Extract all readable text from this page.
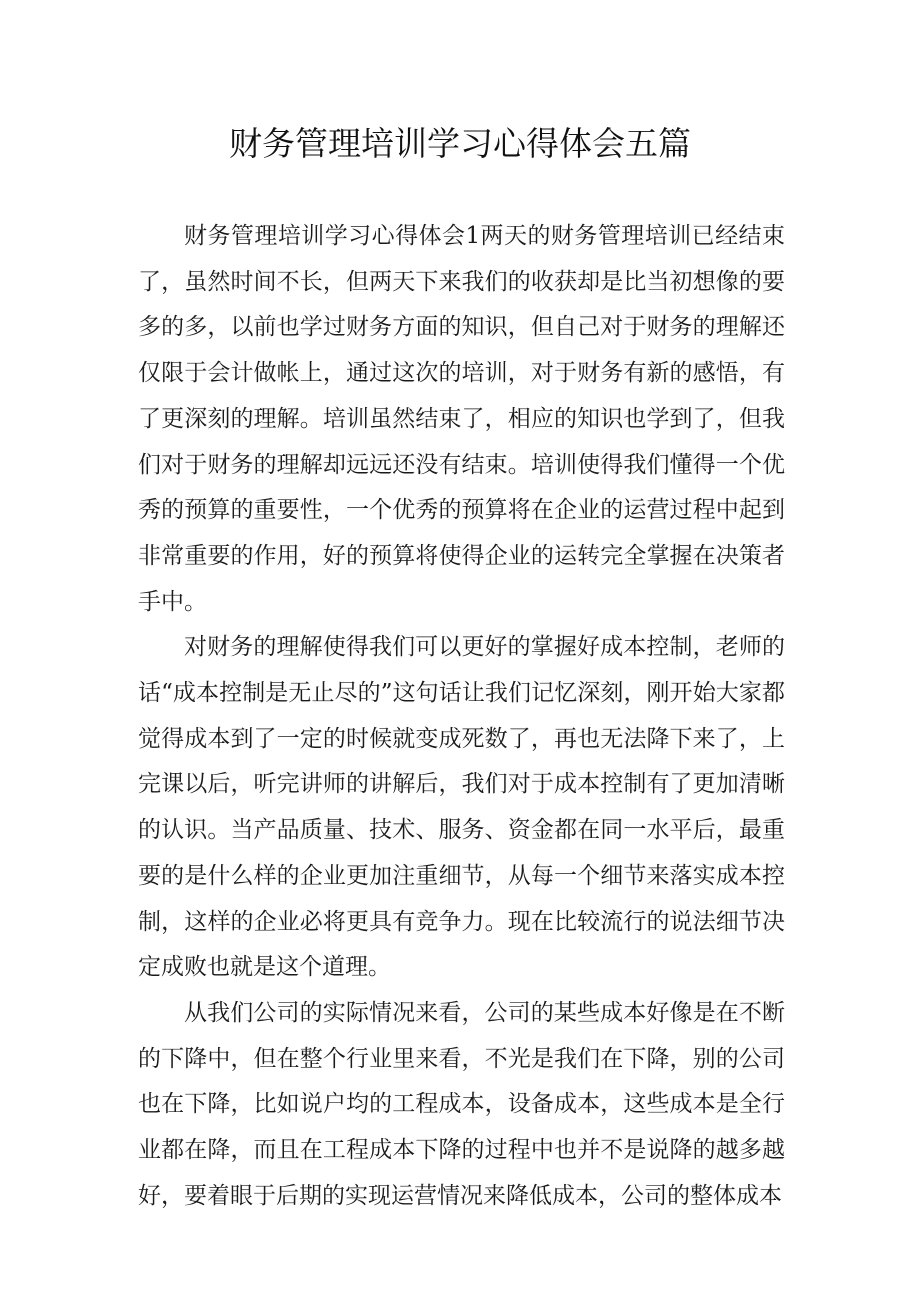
财务管理培训学习心得体会五篇

财务管理培训学习心得体会1两天的财务管理培训已经结束了，虽然时间不长，但两天下来我们的收获却是比当初想像的要多的多，以前也学过财务方面的知识，但自己对于财务的理解还仅限于会计做帐上，通过这次的培训，对于财务有新的感悟，有了更深刻的理解。培训虽然结束了，相应的知识也学到了，但我们对于财务的理解却远远还没有结束。培训使得我们懂得一个优秀的预算的重要性，一个优秀的预算将在企业的运营过程中起到非常重要的作用，好的预算将使得企业的运转完全掌握在决策者手中。

对财务的理解使得我们可以更好的掌握好成本控制，老师的话“成本控制是无止尽的”这句话让我们记忆深刻，刚开始大家都觉得成本到了一定的时候就变成死数了，再也无法降下来了，上完课以后，听完讲师的讲解后，我们对于成本控制有了更加清晰的认识。当产品质量、技术、服务、资金都在同一水平后，最重要的是什么样的企业更加注重细节，从每一个细节来落实成本控制，这样的企业必将更具有竞争力。现在比较流行的说法细节决定成败也就是这个道理。

从我们公司的实际情况来看，公司的某些成本好像是在不断的下降中，但在整个行业里来看，不光是我们在下降，别的公司也在下降，比如说户均的工程成本，设备成本，这些成本是全行业都在降，而且在工程成本下降的过程中也并不是说降的越多越好，要着眼于后期的实现运营情况来降低成本，公司的整体成本
